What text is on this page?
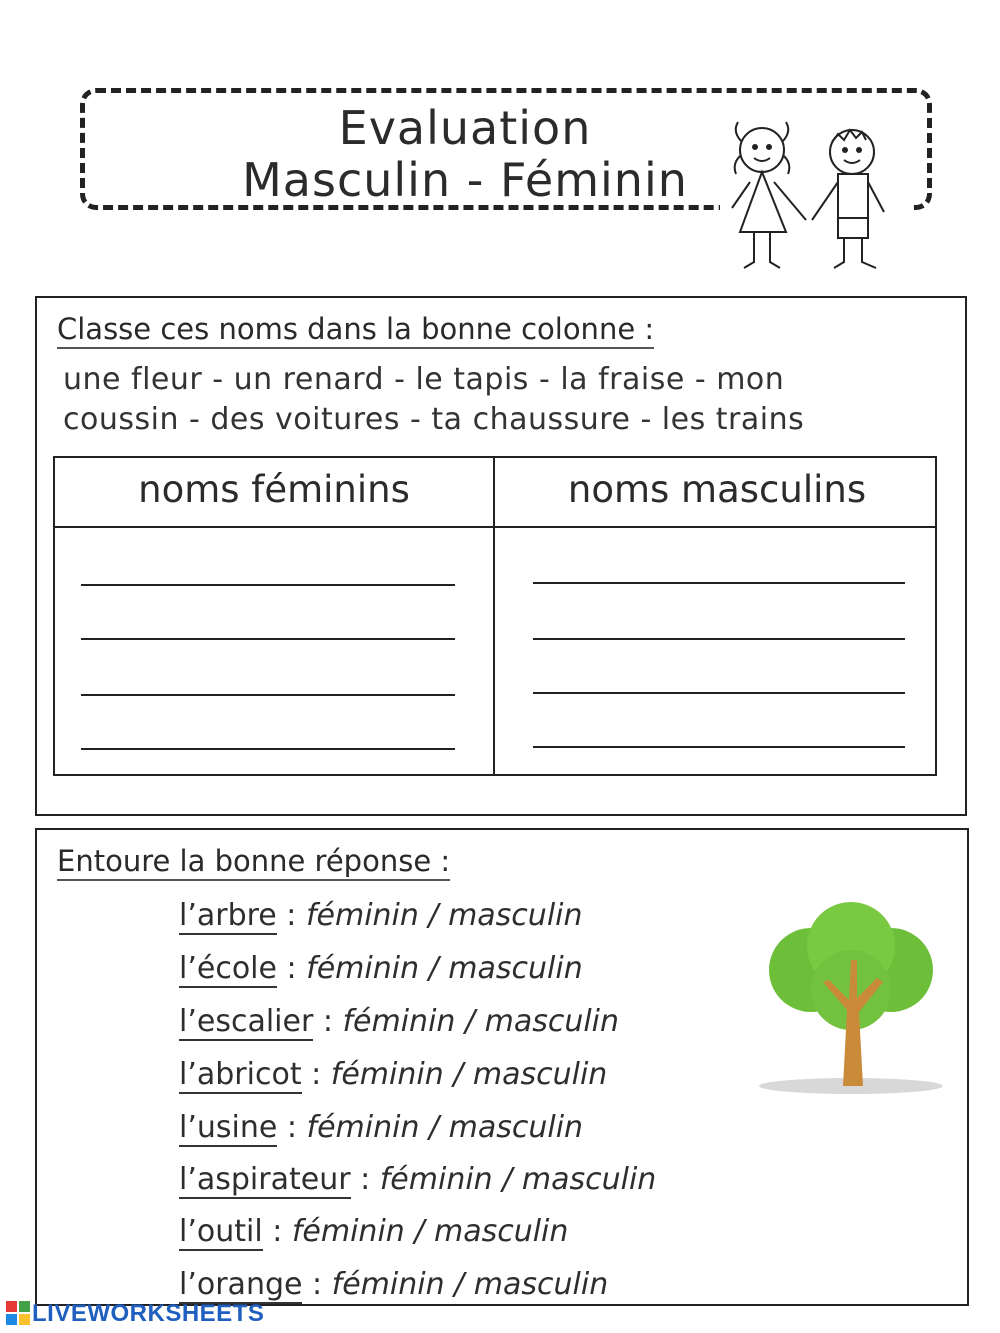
Evaluation
Masculin - Féminin
Classe ces noms dans la bonne colonne :
une fleur - un renard - le tapis - la fraise - mon
coussin - des voitures - ta chaussure - les trains
noms féminins	noms masculins
Entoure la bonne réponse :
l’arbre : féminin / masculin
l’école : féminin / masculin
l’escalier : féminin / masculin
l’abricot : féminin / masculin
l’usine : féminin / masculin
l’aspirateur : féminin / masculin
l’outil : féminin / masculin
l’orange : féminin / masculin
LIVEWORKSHEETS
